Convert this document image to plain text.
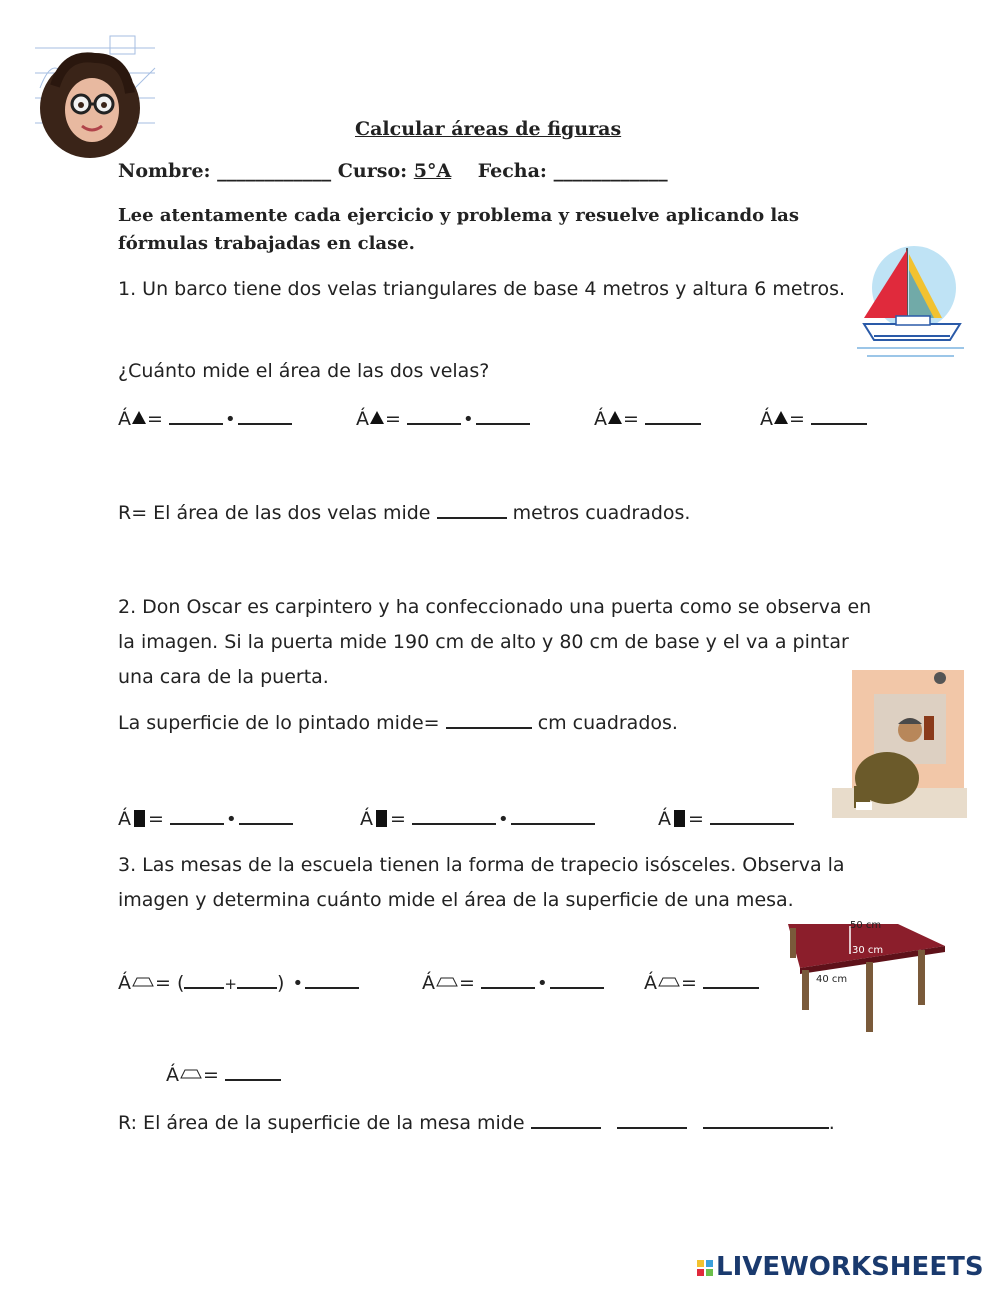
Calcular áreas de figuras
Nombre: ____________ Curso: 5°A Fecha: ____________
Lee atentamente cada ejercicio y problema y resuelve aplicando las fórmulas trabajadas en clase.
1. Un barco tiene dos velas triangulares de base 4 metros y altura 6 metros.
¿Cuánto mide el área de las dos velas?
Á =	•	Á =	•	Á =	Á =
R= El área de las dos velas mide	metros cuadrados.
2. Don Oscar es carpintero y ha confeccionado una puerta como se observa en la imagen. Si la puerta mide 190 cm de alto y 80 cm de base y el va a pintar una cara de la puerta.
La superficie de lo pintado mide=	cm cuadrados.
Á =	•	Á =	•	Á =
3. Las mesas de la escuela tienen la forma de trapecio isósceles. Observa la imagen y determina cuánto mide el área de la superficie de una mesa.
50 cm
30 cm
40 cm
Á = (	+ ) •	Á =	•	Á =
Á =
R: El área de la superficie de la mesa mide	.

LIVEWORKSHEETS
